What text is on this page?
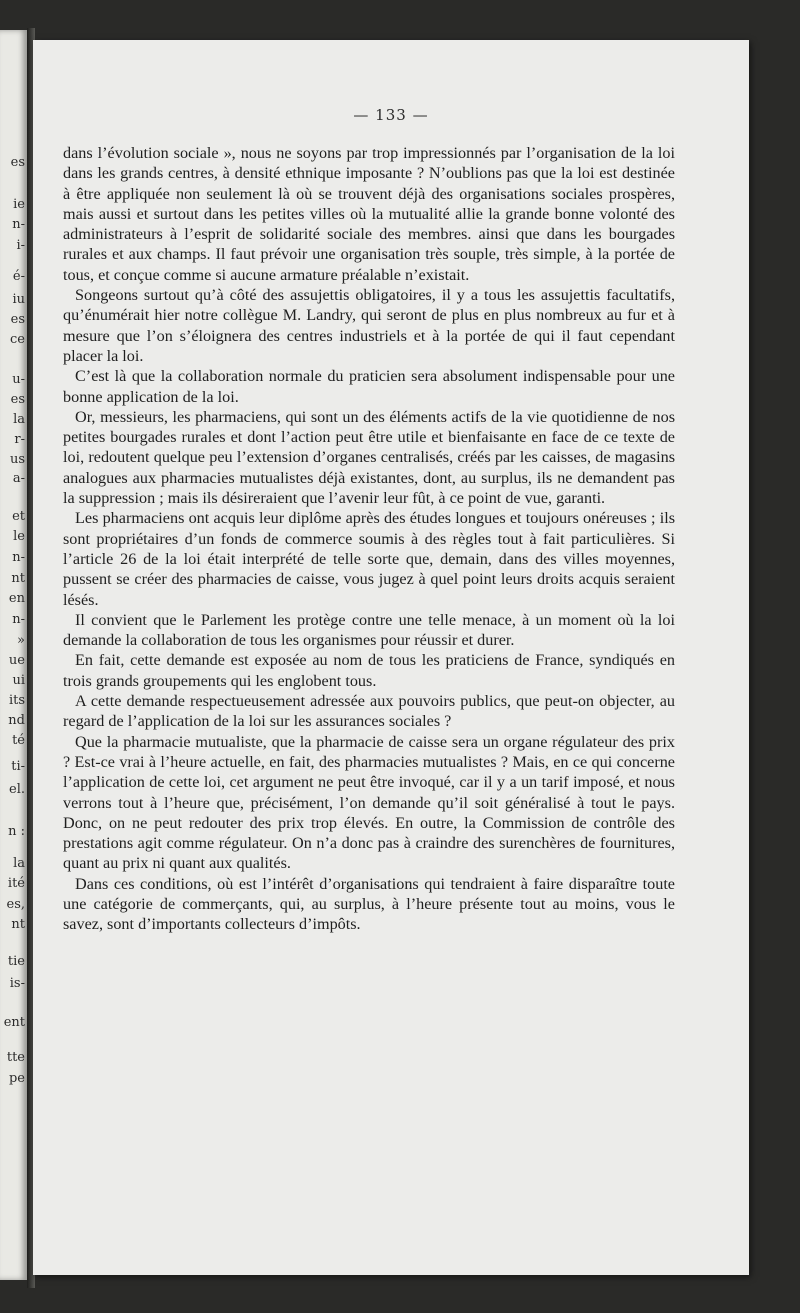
es
ie
n-
i-
é-
iu
es
ce
u-
es
la
r-
us
a-
et
le
n-
nt
en
n-
»
ue
ui
its
nd
té
ti-
el.
n :
la
ité
es,
nt
tie
is-
ent
tte
pe
— 133 —

dans l’évolution sociale », nous ne soyons par trop impressionnés par l’organisation de la loi dans les grands centres, à densité ethnique imposante ? N’oublions pas que la loi est destinée à être appliquée non seulement là où se trouvent déjà des organisations sociales prospères, mais aussi et surtout dans les petites villes où la mutualité allie la grande bonne volonté des administrateurs à l’esprit de solidarité sociale des membres. ainsi que dans les bourgades rurales et aux champs. Il faut prévoir une organisation très souple, très simple, à la portée de tous, et conçue comme si aucune armature préalable n’existait.

Songeons surtout qu’à côté des assujettis obligatoires, il y a tous les assujettis facultatifs, qu’énumérait hier notre collègue M. Landry, qui seront de plus en plus nombreux au fur et à mesure que l’on s’éloignera des centres industriels et à la portée de qui il faut cependant placer la loi.

C’est là que la collaboration normale du praticien sera absolument indispensable pour une bonne application de la loi.

Or, messieurs, les pharmaciens, qui sont un des éléments actifs de la vie quotidienne de nos petites bourgades rurales et dont l’action peut être utile et bienfaisante en face de ce texte de loi, redoutent quelque peu l’extension d’organes centralisés, créés par les caisses, de magasins analogues aux pharmacies mutualistes déjà existantes, dont, au surplus, ils ne demandent pas la suppression ; mais ils désireraient que l’avenir leur fût, à ce point de vue, garanti.

Les pharmaciens ont acquis leur diplôme après des études longues et toujours onéreuses ; ils sont propriétaires d’un fonds de commerce soumis à des règles tout à fait particulières. Si l’article 26 de la loi était interprété de telle sorte que, demain, dans des villes moyennes, pussent se créer des pharmacies de caisse, vous jugez à quel point leurs droits acquis seraient lésés.

Il convient que le Parlement les protège contre une telle menace, à un moment où la loi demande la collaboration de tous les organismes pour réussir et durer.

En fait, cette demande est exposée au nom de tous les praticiens de France, syndiqués en trois grands groupements qui les englobent tous.

A cette demande respectueusement adressée aux pouvoirs publics, que peut-on objecter, au regard de l’application de la loi sur les assurances sociales ?

Que la pharmacie mutualiste, que la pharmacie de caisse sera un organe régulateur des prix ? Est-ce vrai à l’heure actuelle, en fait, des pharmacies mutualistes ? Mais, en ce qui concerne l’application de cette loi, cet argument ne peut être invoqué, car il y a un tarif imposé, et nous verrons tout à l’heure que, précisément, l’on demande qu’il soit généralisé à tout le pays. Donc, on ne peut redouter des prix trop élevés. En outre, la Commission de contrôle des prestations agit comme régulateur. On n’a donc pas à craindre des surenchères de fournitures, quant au prix ni quant aux qualités.

Dans ces conditions, où est l’intérêt d’organisations qui tendraient à faire disparaître toute une catégorie de commerçants, qui, au surplus, à l’heure présente tout au moins, vous le savez, sont d’importants collecteurs d’impôts.
